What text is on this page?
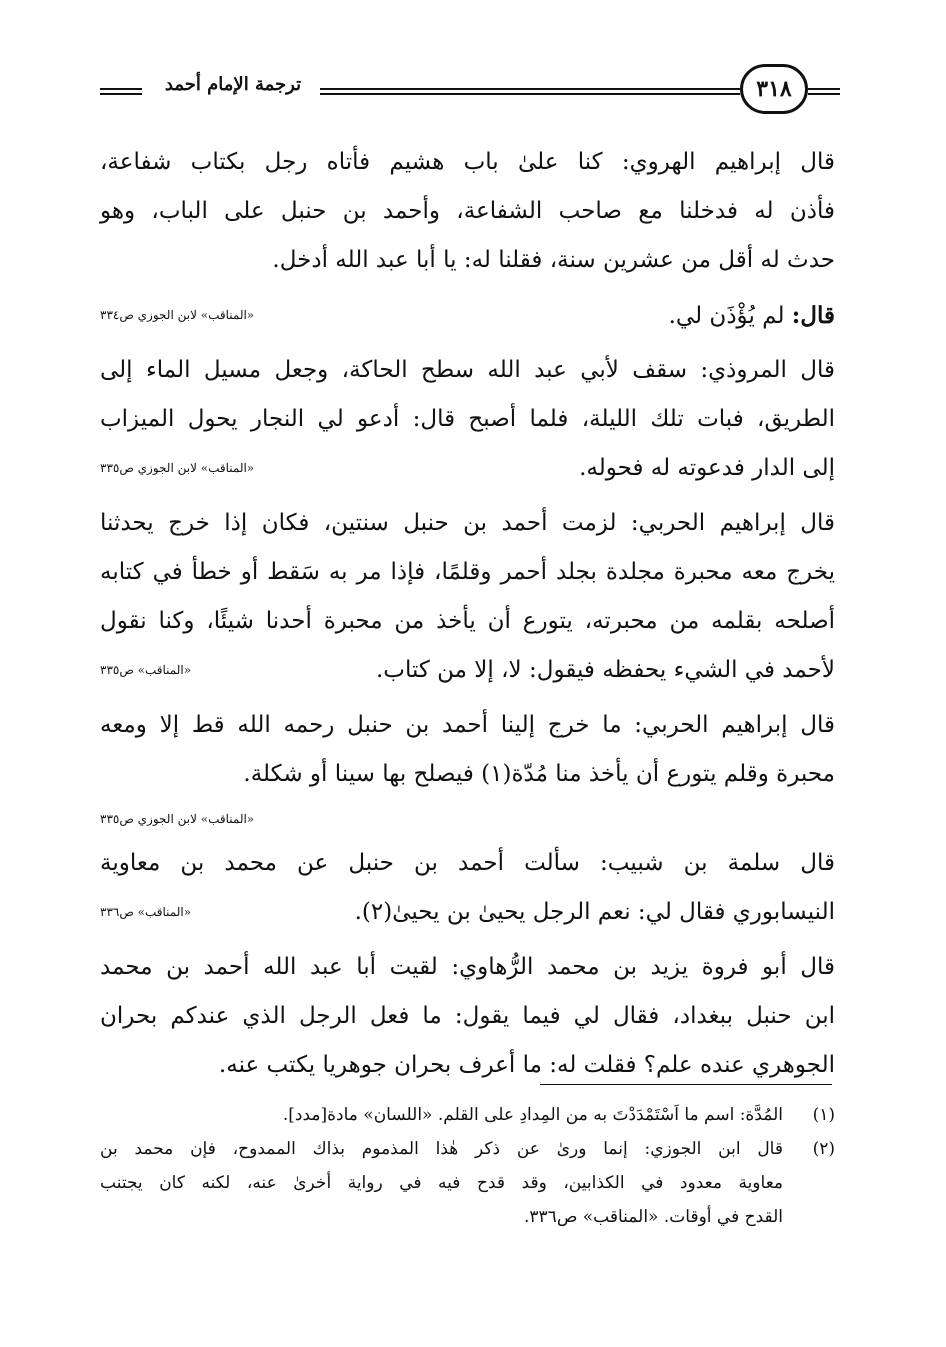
ترجمة الإمام أحمد	٣١٨
قال إبراهيم الهروي: كنا علىٰ باب هشيم فأتاه رجل بكتاب شفاعة،
فأذن له فدخلنا مع صاحب الشفاعة، وأحمد بن حنبل على الباب، وهو
حدث له أقل من عشرين سنة، فقلنا له: يا أبا عبد الله أدخل.
قال: لم يُؤْذَن لي.
«المناقب» لابن الجوزي ص٣٣٤
قال المروذي: سقف لأبي عبد الله سطح الحاكة، وجعل مسيل الماء إلى
الطريق، فبات تلك الليلة، فلما أصبح قال: أدعو لي النجار يحول الميزاب
إلى الدار فدعوته له فحوله.
«المناقب» لابن الجوزي ص٣٣٥
قال إبراهيم الحربي: لزمت أحمد بن حنبل سنتين، فكان إذا خرج يحدثنا
يخرج معه محبرة مجلدة بجلد أحمر وقلمًا، فإذا مر به سَقط أو خطأ في كتابه
أصلحه بقلمه من محبرته، يتورع أن يأخذ من محبرة أحدنا شيئًا، وكنا نقول
لأحمد في الشيء يحفظه فيقول: لا، إلا من كتاب.
«المناقب» ص٣٣٥
قال إبراهيم الحربي: ما خرج إلينا أحمد بن حنبل رحمه الله قط إلا ومعه
محبرة وقلم يتورع أن يأخذ منا مُدّة(١) فيصلح بها سينا أو شكلة.
«المناقب» لابن الجوزي ص٣٣٥
قال سلمة بن شبيب: سألت أحمد بن حنبل عن محمد بن معاوية
النيسابوري فقال لي: نعم الرجل يحيىٰ بن يحيىٰ(٢).
«المناقب» ص٣٣٦
قال أبو فروة يزيد بن محمد الرُّهاوي: لقيت أبا عبد الله أحمد بن محمد
ابن حنبل ببغداد، فقال لي فيما يقول: ما فعل الرجل الذي عندكم بحران
الجوهري عنده علم؟ فقلت له: ما أعرف بحران جوهريا يكتب عنه.
(١)
المُدَّة: اسم ما اَسْتَمْدَدْتَ به من المِدادِ على القلم. «اللسان» مادة[مدد].
(٢)
قال ابن الجوزي: إنما ورىٰ عن ذكر هٰذا المذموم بذاك الممدوح، فإن محمد بن
معاوية معدود في الكذابين، وقد قدح فيه في رواية أخرىٰ عنه، لكنه كان يجتنب
القدح في أوقات. «المناقب» ص٣٣٦.
